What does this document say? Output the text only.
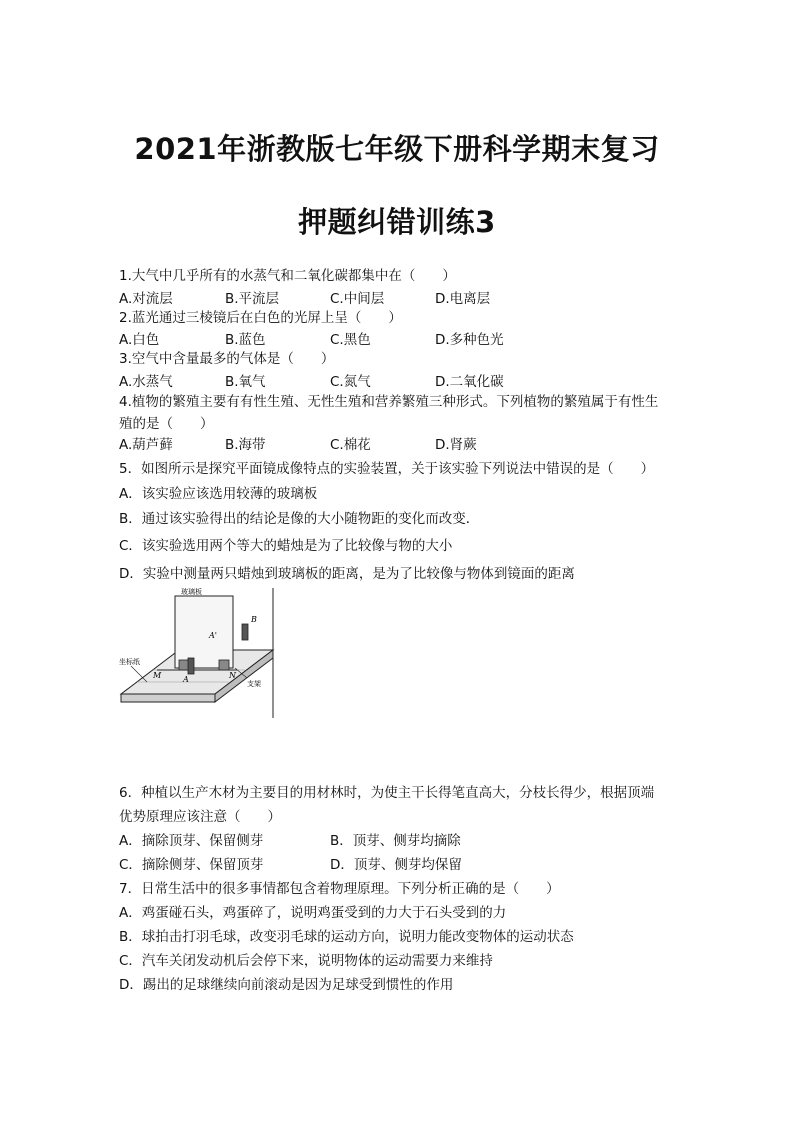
2021年浙教版七年级下册科学期末复习
押题纠错训练3
1.大气中几乎所有的水蒸气和二氧化碳都集中在（　　）
A.对流层	B.平流层	C.中间层	D.电离层
2.蓝光通过三棱镜后在白色的光屏上呈（　　）
A.白色	B.蓝色	C.黑色	D.多种色光
3.空气中含量最多的气体是（　　）
A.水蒸气	B.氧气	C.氮气	D.二氧化碳
4.植物的繁殖主要有有性生殖、无性生殖和营养繁殖三种形式。下列植物的繁殖属于有性生
殖的是（　　）
A.葫芦藓	B.海带	C.棉花	D.肾蕨
5．如图所示是探究平面镜成像特点的实验装置，关于该实验下列说法中错误的是（　　）
A．该实验应该选用较薄的玻璃板
B．通过该实验得出的结论是像的大小随物距的变化而改变．
C．该实验选用两个等大的蜡烛是为了比较像与物的大小
D．实验中测量两只蜡烛到玻璃板的距离，是为了比较像与物体到镜面的距离
玻璃板
坐标纸
支架
A'
A
B
M	N
6．种植以生产木材为主要目的用材林时，为使主干长得笔直高大，分枝长得少，根据顶端
优势原理应该注意（　　）
A．摘除顶芽、保留侧芽	B．顶芽、侧芽均摘除
C．摘除侧芽、保留顶芽	D．顶芽、侧芽均保留
7．日常生活中的很多事情都包含着物理原理。下列分析正确的是（　　）
A．鸡蛋碰石头，鸡蛋碎了，说明鸡蛋受到的力大于石头受到的力
B．球拍击打羽毛球，改变羽毛球的运动方向，说明力能改变物体的运动状态
C．汽车关闭发动机后会停下来，说明物体的运动需要力来维持
D．踢出的足球继续向前滚动是因为足球受到惯性的作用
